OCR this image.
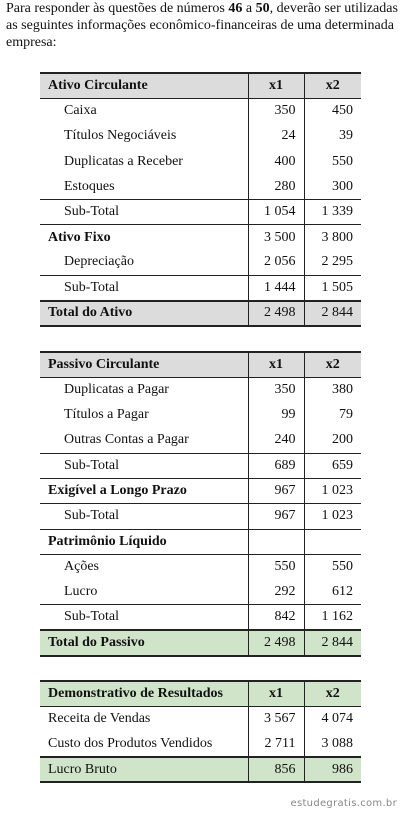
Para responder às questões de números 46 a 50, deverão ser utilizadas as seguintes informações econômico-financeiras de uma determinada empresa:

Ativo Circulante	x1	x2
Caixa	350	450
Títulos Negociáveis	24	39
Duplicatas a Receber	400	550
Estoques	280	300
Sub-Total	1 054	1 339
Ativo Fixo	3 500	3 800
Depreciação	2 056	2 295
Sub-Total	1 444	1 505
Total do Ativo	2 498	2 844
Passivo Circulante	x1	x2
Duplicatas a Pagar	350	380
Títulos a Pagar	99	79
Outras Contas a Pagar	240	200
Sub-Total	689	659
Exigível a Longo Prazo	967	1 023
Sub-Total	967	1 023
Patrimônio Líquido		
Ações	550	550
Lucro	292	612
Sub-Total	842	1 162
Total do Passivo	2 498	2 844
Demonstrativo de Resultados	x1	x2
Receita de Vendas	3 567	4 074
Custo dos Produtos Vendidos	2 711	3 088
Lucro Bruto	856	986
estudegratis.com.br
